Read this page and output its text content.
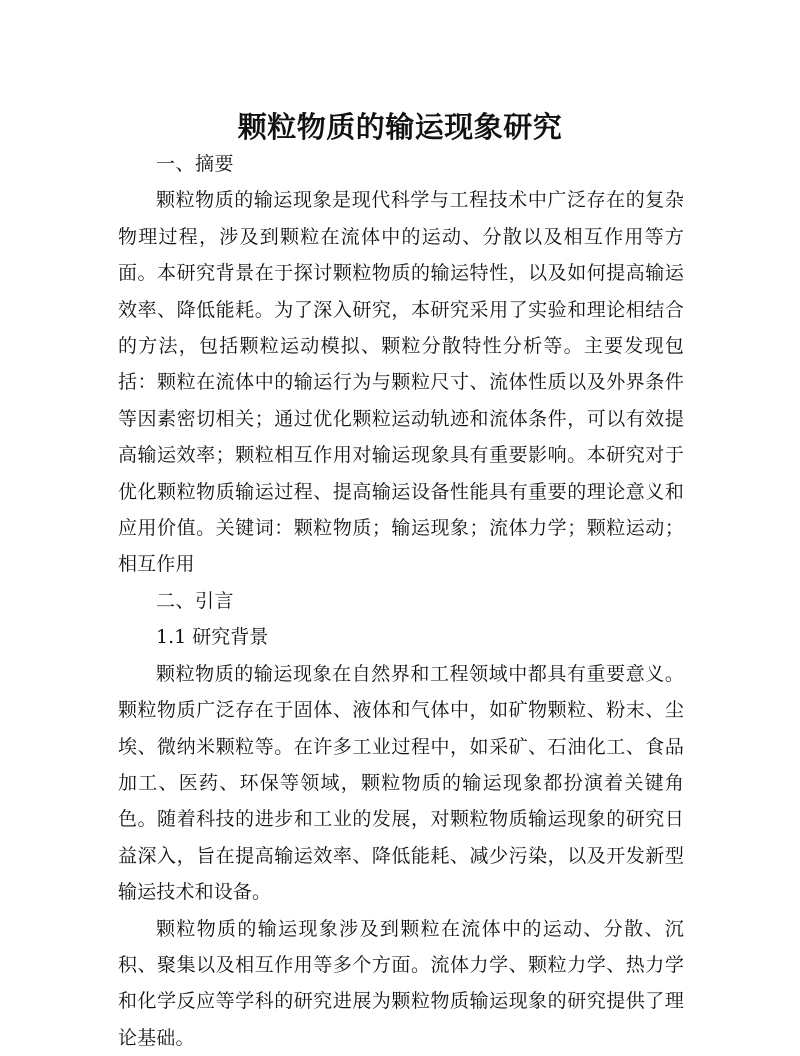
颗粒物质的输运现象研究
一、摘要

颗粒物质的输运现象是现代科学与工程技术中广泛存在的复杂物理过程，涉及到颗粒在流体中的运动、分散以及相互作用等方面。本研究背景在于探讨颗粒物质的输运特性，以及如何提高输运效率、降低能耗。为了深入研究，本研究采用了实验和理论相结合的方法，包括颗粒运动模拟、颗粒分散特性分析等。主要发现包括：颗粒在流体中的输运行为与颗粒尺寸、流体性质以及外界条件等因素密切相关；通过优化颗粒运动轨迹和流体条件，可以有效提高输运效率；颗粒相互作用对输运现象具有重要影响。本研究对于优化颗粒物质输运过程、提高输运设备性能具有重要的理论意义和应用价值。关键词：颗粒物质；输运现象；流体力学；颗粒运动；相互作用

二、引言
1.1 研究背景

颗粒物质的输运现象在自然界和工程领域中都具有重要意义。颗粒物质广泛存在于固体、液体和气体中，如矿物颗粒、粉末、尘埃、微纳米颗粒等。在许多工业过程中，如采矿、石油化工、食品加工、医药、环保等领域，颗粒物质的输运现象都扮演着关键角色。随着科技的进步和工业的发展，对颗粒物质输运现象的研究日益深入，旨在提高输运效率、降低能耗、减少污染，以及开发新型输运技术和设备。

颗粒物质的输运现象涉及到颗粒在流体中的运动、分散、沉积、聚集以及相互作用等多个方面。流体力学、颗粒力学、热力学和化学反应等学科的研究进展为颗粒物质输运现象的研究提供了理论基础。
